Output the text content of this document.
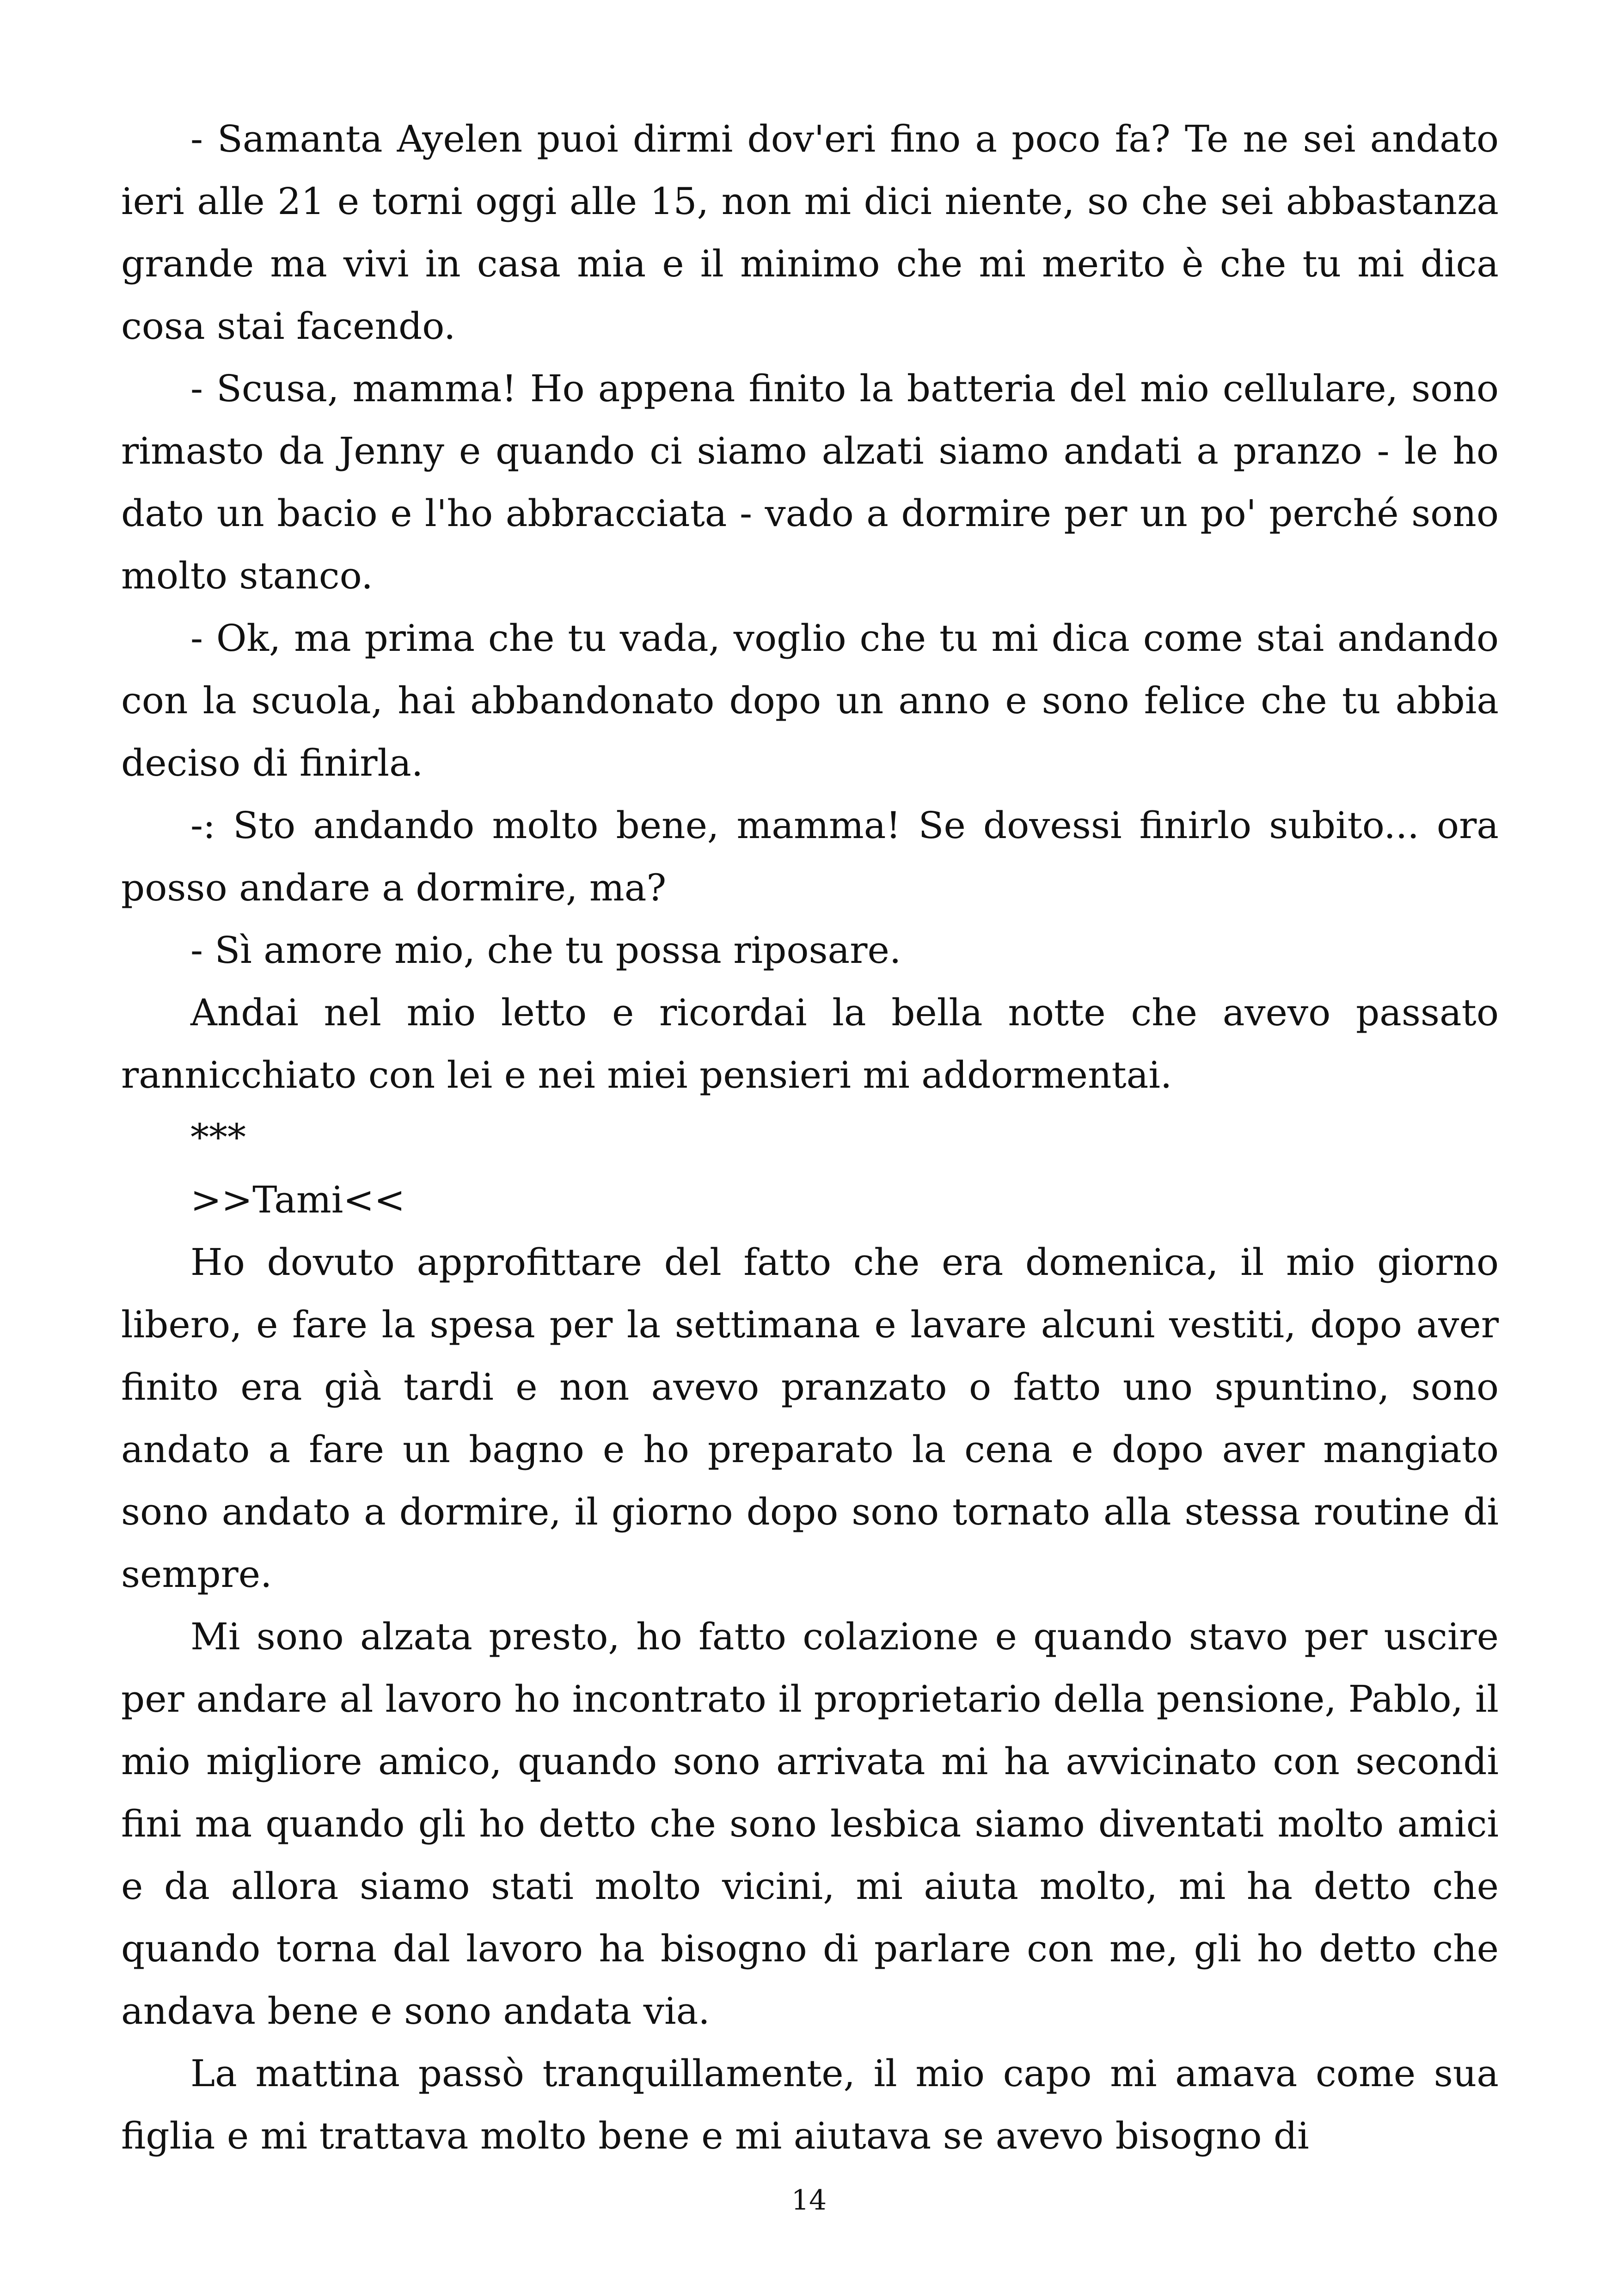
- Samanta Ayelen puoi dirmi dov'eri fino a poco fa? Te ne sei andato ieri alle 21 e torni oggi alle 15, non mi dici niente, so che sei abbastanza grande ma vivi in casa mia e il minimo che mi merito è che tu mi dica cosa stai facendo.

- Scusa, mamma! Ho appena finito la batteria del mio cellulare, sono rimasto da Jenny e quando ci siamo alzati siamo andati a pranzo - le ho dato un bacio e l'ho abbracciata - vado a dormire per un po' perché sono molto stanco.

- Ok, ma prima che tu vada, voglio che tu mi dica come stai andando con la scuola, hai abbandonato dopo un anno e sono felice che tu abbia deciso di finirla.

-: Sto andando molto bene, mamma! Se dovessi finirlo subito... ora posso andare a dormire, ma?

- Sì amore mio, che tu possa riposare.

Andai nel mio letto e ricordai la bella notte che avevo passato rannicchiato con lei e nei miei pensieri mi addormentai.

***

>>Tami<<

Ho dovuto approfittare del fatto che era domenica, il mio giorno libero, e fare la spesa per la settimana e lavare alcuni vestiti, dopo aver finito era già tardi e non avevo pranzato o fatto uno spuntino, sono andato a fare un bagno e ho preparato la cena e dopo aver mangiato sono andato a dormire, il giorno dopo sono tornato alla stessa routine di sempre.

Mi sono alzata presto, ho fatto colazione e quando stavo per uscire per andare al lavoro ho incontrato il proprietario della pensione, Pablo, il mio migliore amico, quando sono arrivata mi ha avvicinato con secondi fini ma quando gli ho detto che sono lesbica siamo diventati molto amici e da allora siamo stati molto vicini, mi aiuta molto, mi ha detto che quando torna dal lavoro ha bisogno di parlare con me, gli ho detto che andava bene e sono andata via.

La mattina passò tranquillamente, il mio capo mi amava come sua figlia e mi trattava molto bene e mi aiutava se avevo bisogno di

14
